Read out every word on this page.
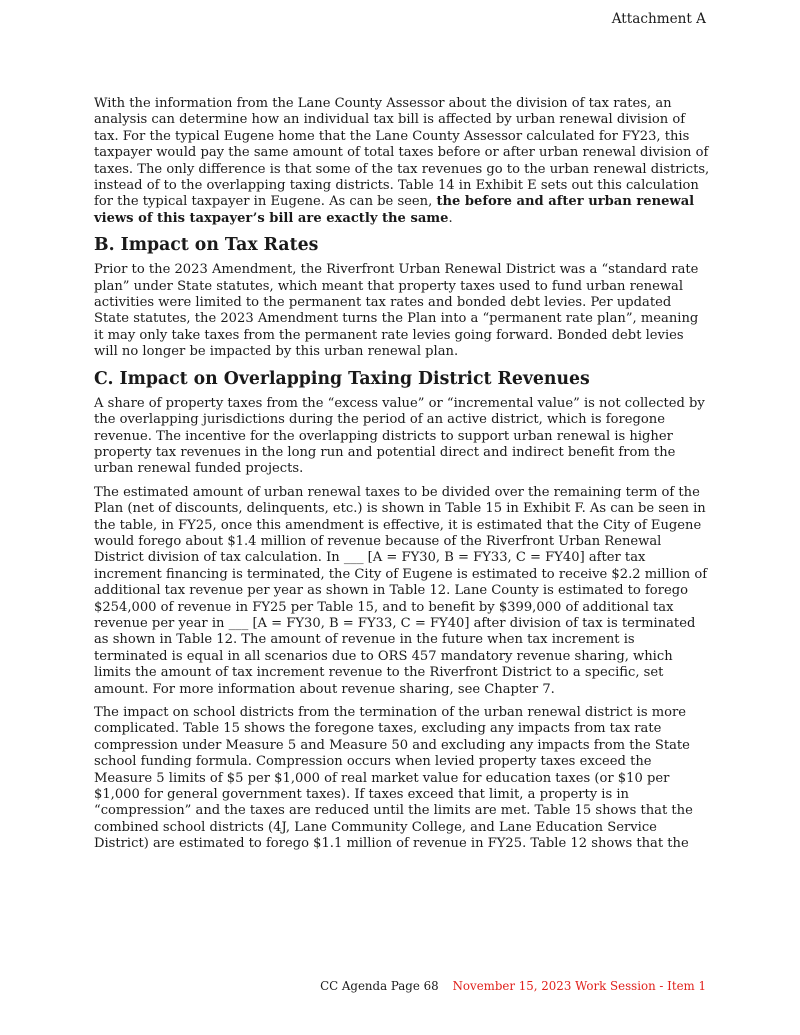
Attachment A

With the information from the Lane County Assessor about the division of tax rates, an analysis can determine how an individual tax bill is affected by urban renewal division of tax. For the typical Eugene home that the Lane County Assessor calculated for FY23, this taxpayer would pay the same amount of total taxes before or after urban renewal division of taxes. The only difference is that some of the tax revenues go to the urban renewal districts, instead of to the overlapping taxing districts. Table 14 in Exhibit E sets out this calculation for the typical taxpayer in Eugene. As can be seen, the before and after urban renewal views of this taxpayer’s bill are exactly the same.

B. Impact on Tax Rates

Prior to the 2023 Amendment, the Riverfront Urban Renewal District was a “standard rate plan” under State statutes, which meant that property taxes used to fund urban renewal activities were limited to the permanent tax rates and bonded debt levies. Per updated State statutes, the 2023 Amendment turns the Plan into a “permanent rate plan”, meaning it may only take taxes from the permanent rate levies going forward. Bonded debt levies will no longer be impacted by this urban renewal plan.

C. Impact on Overlapping Taxing District Revenues

A share of property taxes from the “excess value” or “incremental value” is not collected by the overlapping jurisdictions during the period of an active district, which is foregone revenue. The incentive for the overlapping districts to support urban renewal is higher property tax revenues in the long run and potential direct and indirect benefit from the urban renewal funded projects.

The estimated amount of urban renewal taxes to be divided over the remaining term of the Plan (net of discounts, delinquents, etc.) is shown in Table 15 in Exhibit F. As can be seen in the table, in FY25, once this amendment is effective, it is estimated that the City of Eugene would forego about $1.4 million of revenue because of the Riverfront Urban Renewal District division of tax calculation. In ___ [A = FY30, B = FY33, C = FY40] after tax increment financing is terminated, the City of Eugene is estimated to receive $2.2 million of additional tax revenue per year as shown in Table 12. Lane County is estimated to forego $254,000 of revenue in FY25 per Table 15, and to benefit by $399,000 of additional tax revenue per year in ___ [A = FY30, B = FY33, C = FY40] after division of tax is terminated as shown in Table 12. The amount of revenue in the future when tax increment is terminated is equal in all scenarios due to ORS 457 mandatory revenue sharing, which limits the amount of tax increment revenue to the Riverfront District to a specific, set amount. For more information about revenue sharing, see Chapter 7.

The impact on school districts from the termination of the urban renewal district is more complicated. Table 15 shows the foregone taxes, excluding any impacts from tax rate compression under Measure 5 and Measure 50 and excluding any impacts from the State school funding formula. Compression occurs when levied property taxes exceed the Measure 5 limits of $5 per $1,000 of real market value for education taxes (or $10 per $1,000 for general government taxes). If taxes exceed that limit, a property is in “compression” and the taxes are reduced until the limits are met. Table 15 shows that the combined school districts (4J, Lane Community College, and Lane Education Service District) are estimated to forego $1.1 million of revenue in FY25. Table 12 shows that the

CC Agenda Page 68 November 15, 2023 Work Session - Item 1
